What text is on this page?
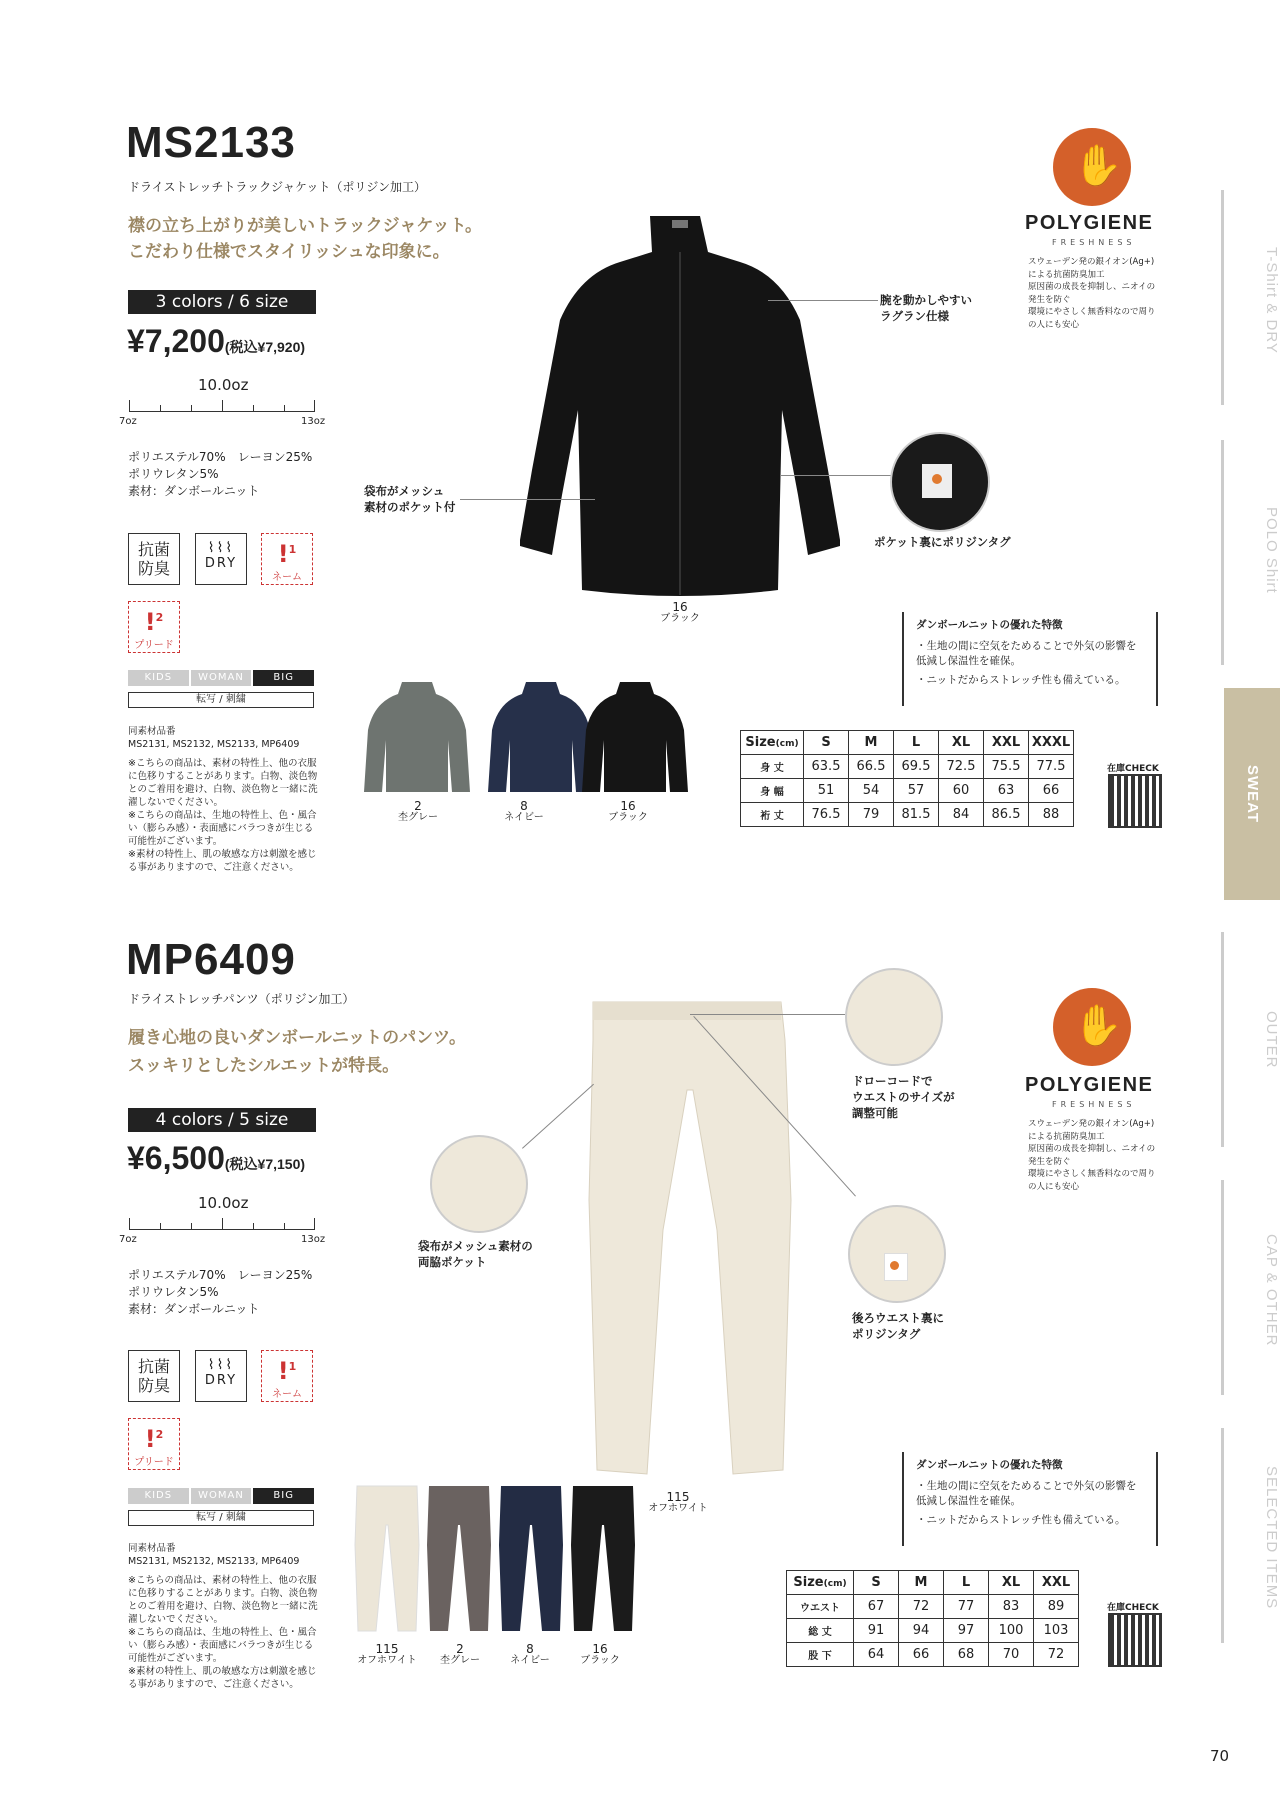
T-Shirt & DRY
POLO Shirt
SWEAT
OUTER
CAP & OTHER
SELECTED ITEMS
70
MS2133
ドライストレッチトラックジャケット（ポリジン加工）
襟の立ち上がりが美しいトラックジャケット。
こだわり仕様でスタイリッシュな印象に。
3 colors / 6 size
¥7,200(税込¥7,920)
10.0oz
7oz	13oz
ポリエステル70%　レーヨン25%
ポリウレタン5%
素材：ダンボールニット
抗菌
防臭
⌇⌇⌇
DRY	!$^1$
ネーム
!$^2$
プリード
KIDS	WOMAN	BIG
転写 / 刺繍
同素材品番
MS2131, MS2132, MS2133, MP6409
※こちらの商品は、素材の特性上、他の衣服に色移りすることがあります。白物、淡色物とのご着用を避け、白物、淡色物と一緒に洗濯しないでください。
※こちらの商品は、生地の特性上、色・風合い（膨らみ感）・表面感にバラつきが生じる可能性がございます。
※素材の特性上、肌の敏感な方は刺激を感じる事がありますので、ご注意ください。
腕を動かしやすい
ラグラン仕様
袋布がメッシュ
素材のポケット付
ポケット裏にポリジンタグ
16
ブラック
✋
POLYGIENE
FRESHNESS
スウェーデン発の銀イオン(Ag+)による抗菌防臭加工
原因菌の成長を抑制し、ニオイの発生を防ぐ
環境にやさしく無香料なので周りの人にも安心
ダンボールニットの優れた特徴
・生地の間に空気をためることで外気の影響を低減し保温性を確保。
・ニットだからストレッチ性も備えている。
2
杢グレー
8
ネイビー
16
ブラック
Size(cm)	S	M	L	XL	XXL	XXXL
身 丈	63.5	66.5	69.5	72.5	75.5	77.5
身 幅	51	54	57	60	63	66
裄 丈	76.5	79	81.5	84	86.5	88
在庫CHECK
MP6409
ドライストレッチパンツ（ポリジン加工）
履き心地の良いダンボールニットのパンツ。
スッキリとしたシルエットが特長。
4 colors / 5 size
¥6,500(税込¥7,150)
10.0oz
7oz	13oz
ポリエステル70%　レーヨン25%
ポリウレタン5%
素材：ダンボールニット
抗菌
防臭
⌇⌇⌇
DRY	!$^1$
ネーム
!$^2$
プリード
KIDS	WOMAN	BIG
転写 / 刺繍
同素材品番
MS2131, MS2132, MS2133, MP6409
※こちらの商品は、素材の特性上、他の衣服に色移りすることがあります。白物、淡色物とのご着用を避け、白物、淡色物と一緒に洗濯しないでください。
※こちらの商品は、生地の特性上、色・風合い（膨らみ感）・表面感にバラつきが生じる可能性がございます。
※素材の特性上、肌の敏感な方は刺激を感じる事がありますので、ご注意ください。
115
オフホワイト
ドローコードで
ウエストのサイズが
調整可能
袋布がメッシュ素材の
両脇ポケット
後ろウエスト裏に
ポリジンタグ
✋
POLYGIENE
FRESHNESS
スウェーデン発の銀イオン(Ag+)による抗菌防臭加工
原因菌の成長を抑制し、ニオイの発生を防ぐ
環境にやさしく無香料なので周りの人にも安心
ダンボールニットの優れた特徴
・生地の間に空気をためることで外気の影響を低減し保温性を確保。
・ニットだからストレッチ性も備えている。
115
オフホワイト
2
杢グレー
8
ネイビー
16
ブラック
Size(cm)	S	M	L	XL	XXL
ウエスト	67	72	77	83	89
総 丈	91	94	97	100	103
股 下	64	66	68	70	72
在庫CHECK
